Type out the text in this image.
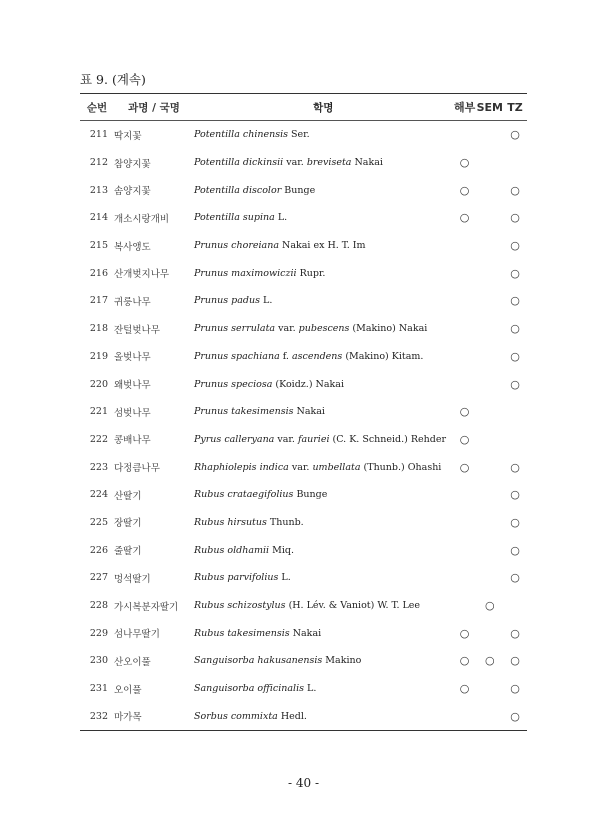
표 9. (계속)
순번	과명 / 국명	학명	해부	SEM	TZ
211	딱지꽃	Potentilla chinensis Ser.			○
212	참양지꽃	Potentilla dickinsii var. breviseta Nakai	○		
213	솜양지꽃	Potentilla discolor Bunge	○		○
214	개소시랑개비	Potentilla supina L.	○		○
215	복사앵도	Prunus choreiana Nakai ex H. T. Im			○
216	산개벚지나무	Prunus maximowiczii Rupr.			○
217	귀룽나무	Prunus padus L.			○
218	잔털벚나무	Prunus serrulata var. pubescens (Makino) Nakai			○
219	올벚나무	Prunus spachiana f. ascendens (Makino) Kitam.			○
220	왜벚나무	Prunus speciosa (Koidz.) Nakai			○
221	섬벚나무	Prunus takesimensis Nakai	○		
222	콩배나무	Pyrus calleryana var. fauriei (C. K. Schneid.) Rehder	○		
223	다정큼나무	Rhaphiolepis indica var. umbellata (Thunb.) Ohashi	○		○
224	산딸기	Rubus crataegifolius Bunge			○
225	장딸기	Rubus hirsutus Thunb.			○
226	줄딸기	Rubus oldhamii Miq.			○
227	멍석딸기	Rubus parvifolius L.			○
228	가시복분자딸기	Rubus schizostylus (H. Lév. & Vaniot) W. T. Lee		○	
229	섬나무딸기	Rubus takesimensis Nakai	○		○
230	산오이풀	Sanguisorba hakusanensis Makino	○	○	○
231	오이풀	Sanguisorba officinalis L.	○		○
232	마가목	Sorbus commixta Hedl.			○
- 40 -
